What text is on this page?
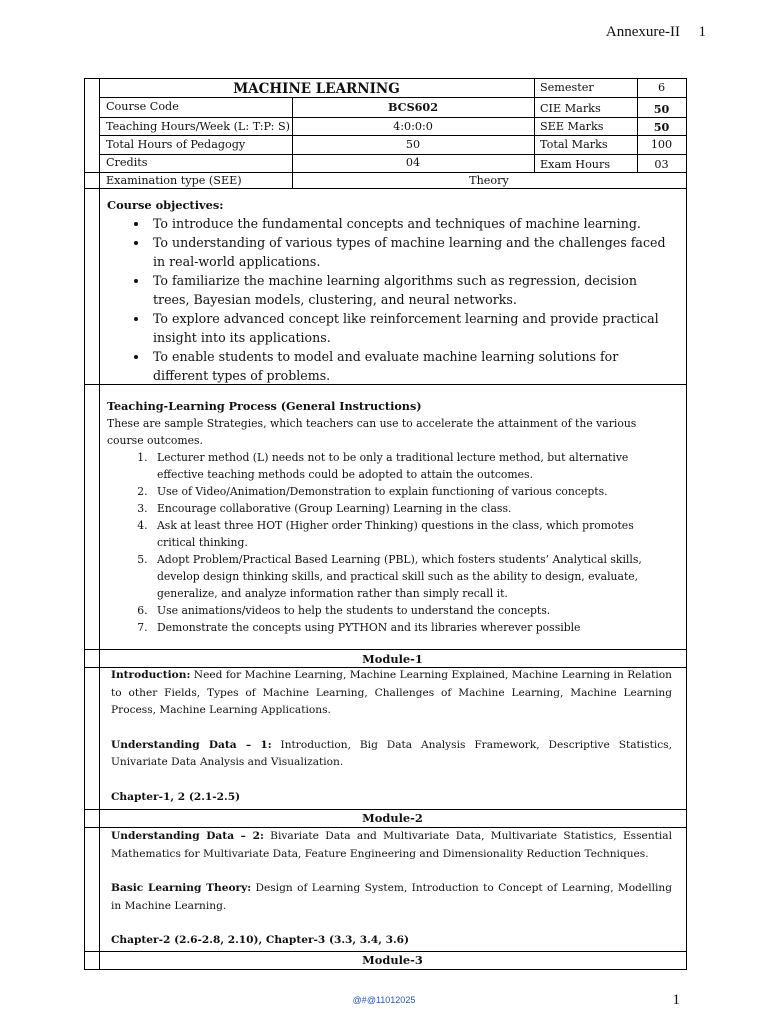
Annexure-II 1
MACHINE LEARNING	Semester	6
Course Code	BCS602	CIE Marks	50
Teaching Hours/Week (L: T:P: S)	4:0:0:0	SEE Marks	50
Total Hours of Pedagogy	50	Total Marks	100
Credits	04	Exam Hours	03
Examination type (SEE)	Theory
Course objectives:
• To introduce the fundamental concepts and techniques of machine learning.
• To understanding of various types of machine learning and the challenges faced in real-world applications.
• To familiarize the machine learning algorithms such as regression, decision trees, Bayesian models, clustering, and neural networks.
• To explore advanced concept like reinforcement learning and provide practical insight into its applications.
• To enable students to model and evaluate machine learning solutions for different types of problems.
Teaching-Learning Process (General Instructions)
These are sample Strategies, which teachers can use to accelerate the attainment of the various course outcomes.
1. Lecturer method (L) needs not to be only a traditional lecture method, but alternative effective teaching methods could be adopted to attain the outcomes.
2. Use of Video/Animation/Demonstration to explain functioning of various concepts.
3. Encourage collaborative (Group Learning) Learning in the class.
4. Ask at least three HOT (Higher order Thinking) questions in the class, which promotes critical thinking.
5. Adopt Problem/Practical Based Learning (PBL), which fosters students’ Analytical skills, develop design thinking skills, and practical skill such as the ability to design, evaluate, generalize, and analyze information rather than simply recall it.
6. Use animations/videos to help the students to understand the concepts.
7. Demonstrate the concepts using PYTHON and its libraries wherever possible
Module-1
Introduction: Need for Machine Learning, Machine Learning Explained, Machine Learning in Relation to other Fields, Types of Machine Learning, Challenges of Machine Learning, Machine Learning Process, Machine Learning Applications.
Understanding Data – 1: Introduction, Big Data Analysis Framework, Descriptive Statistics, Univariate Data Analysis and Visualization.
Chapter-1, 2 (2.1-2.5)
Module-2
Understanding Data – 2: Bivariate Data and Multivariate Data, Multivariate Statistics, Essential Mathematics for Multivariate Data, Feature Engineering and Dimensionality Reduction Techniques.
Basic Learning Theory: Design of Learning System, Introduction to Concept of Learning, Modelling in Machine Learning.
Chapter-2 (2.6-2.8, 2.10), Chapter-3 (3.3, 3.4, 3.6)
Module-3
@#@11012025	1
